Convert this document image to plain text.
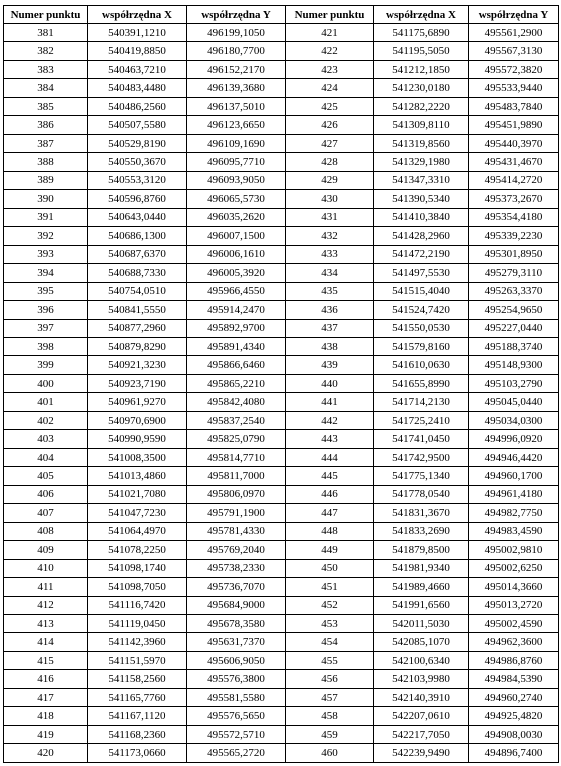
Numer punktu	współrzędna X	współrzędna Y	Numer punktu	współrzędna X	współrzędna Y
381	540391,1210	496199,1050	421	541175,6890	495561,2900
382	540419,8850	496180,7700	422	541195,5050	495567,3130
383	540463,7210	496152,2170	423	541212,1850	495572,3820
384	540483,4480	496139,3680	424	541230,0180	495533,9440
385	540486,2560	496137,5010	425	541282,2220	495483,7840
386	540507,5580	496123,6650	426	541309,8110	495451,9890
387	540529,8190	496109,1690	427	541319,8560	495440,3970
388	540550,3670	496095,7710	428	541329,1980	495431,4670
389	540553,3120	496093,9050	429	541347,3310	495414,2720
390	540596,8760	496065,5730	430	541390,5340	495373,2670
391	540643,0440	496035,2620	431	541410,3840	495354,4180
392	540686,1300	496007,1500	432	541428,2960	495339,2230
393	540687,6370	496006,1610	433	541472,2190	495301,8950
394	540688,7330	496005,3920	434	541497,5530	495279,3110
395	540754,0510	495966,4550	435	541515,4040	495263,3370
396	540841,5550	495914,2470	436	541524,7420	495254,9650
397	540877,2960	495892,9700	437	541550,0530	495227,0440
398	540879,8290	495891,4340	438	541579,8160	495188,3740
399	540921,3230	495866,6460	439	541610,0630	495148,9300
400	540923,7190	495865,2210	440	541655,8990	495103,2790
401	540961,9270	495842,4080	441	541714,2130	495045,0440
402	540970,6900	495837,2540	442	541725,2410	495034,0300
403	540990,9590	495825,0790	443	541741,0450	494996,0920
404	541008,3500	495814,7710	444	541742,9500	494946,4420
405	541013,4860	495811,7000	445	541775,1340	494960,1700
406	541021,7080	495806,0970	446	541778,0540	494961,4180
407	541047,7230	495791,1900	447	541831,3670	494982,7750
408	541064,4970	495781,4330	448	541833,2690	494983,4590
409	541078,2250	495769,2040	449	541879,8500	495002,9810
410	541098,1740	495738,2330	450	541981,9340	495002,6250
411	541098,7050	495736,7070	451	541989,4660	495014,3660
412	541116,7420	495684,9000	452	541991,6560	495013,2720
413	541119,0450	495678,3580	453	542011,5030	495002,4590
414	541142,3960	495631,7370	454	542085,1070	494962,3600
415	541151,5970	495606,9050	455	542100,6340	494986,8760
416	541158,2560	495576,3800	456	542103,9980	494984,5390
417	541165,7760	495581,5580	457	542140,3910	494960,2740
418	541167,1120	495576,5650	458	542207,0610	494925,4820
419	541168,2360	495572,5710	459	542217,7050	494908,0030
420	541173,0660	495565,2720	460	542239,9490	494896,7400
